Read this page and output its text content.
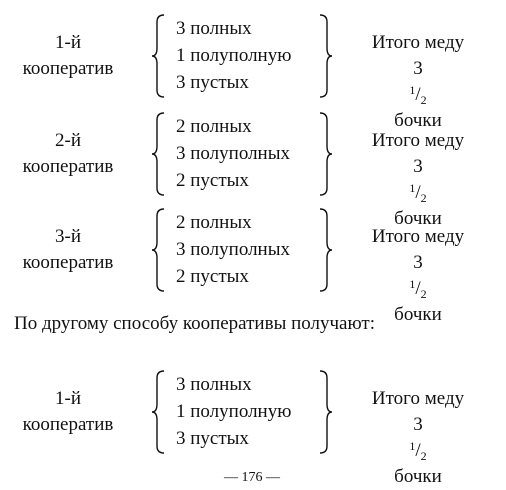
1-й
кооператив
3 полных
1 полуполную
3 пустых
Итого меду
3
$^1/_2$
бочки
2-й
кооператив
2 полных
3 полуполных
2 пустых
Итого меду
3
$^1/_2$
бочки
3-й
кооператив
2 полных
3 полуполных
2 пустых
Итого меду
3
$^1/_2$
бочки
По другому способу кооперативы получают:
1-й
кооператив
3 полных
1 полуполную
3 пустых
Итого меду
3
$^1/_2$
бочки
— 176 —
